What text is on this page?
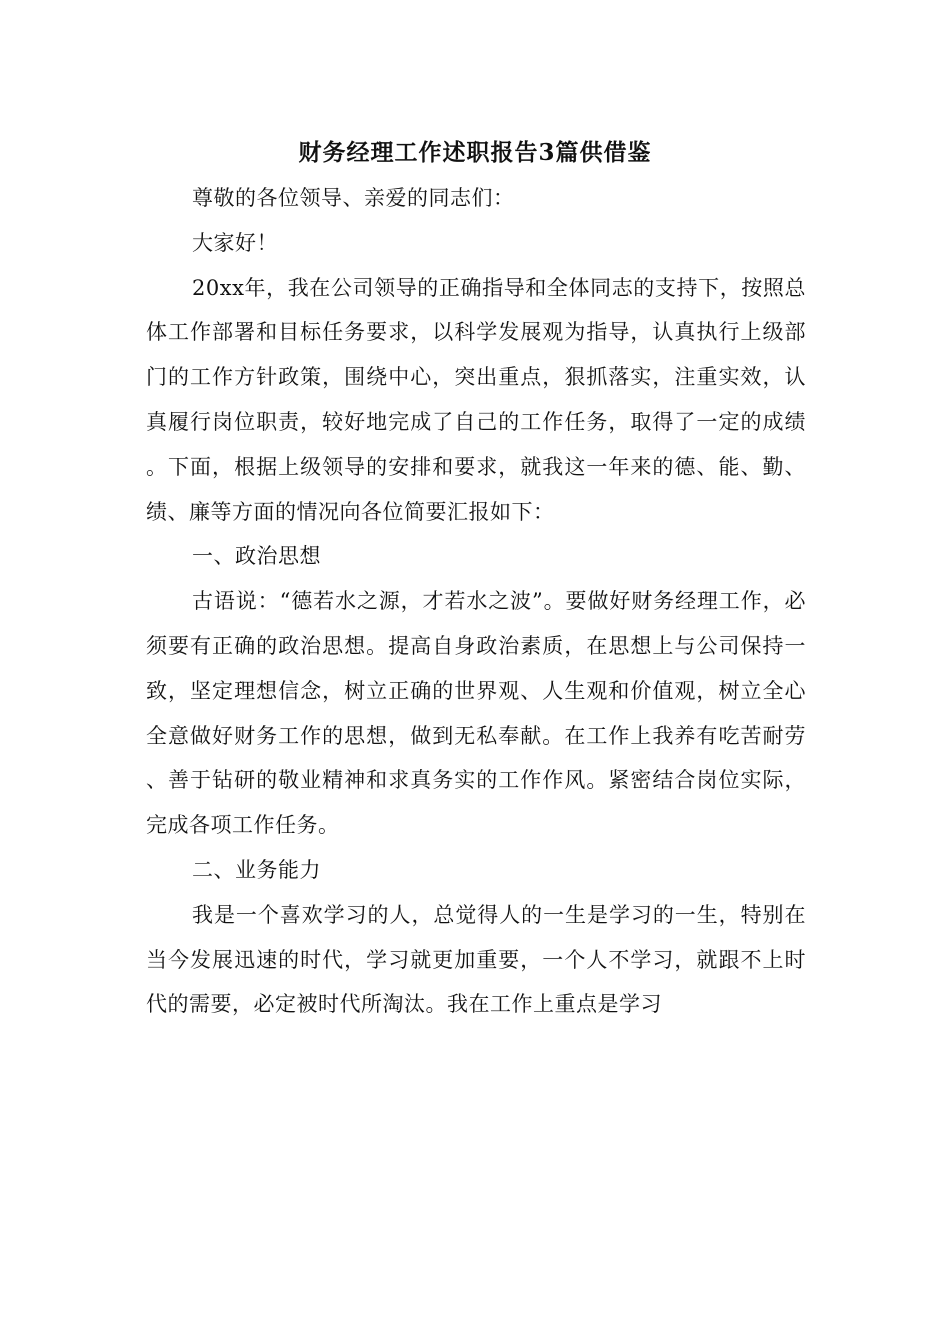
财务经理工作述职报告3篇供借鉴

尊敬的各位领导、亲爱的同志们：

大家好！

20xx年，我在公司领导的正确指导和全体同志的支持下，按照总体工作部署和目标任务要求，以科学发展观为指导，认真执行上级部门的工作方针政策，围绕中心，突出重点，狠抓落实，注重实效，认真履行岗位职责，较好地完成了自己的工作任务，取得了一定的成绩。下面，根据上级领导的安排和要求，就我这一年来的德、能、勤、绩、廉等方面的情况向各位简要汇报如下：

一、政治思想

古语说：“德若水之源，才若水之波”。要做好财务经理工作，必须要有正确的政治思想。提高自身政治素质，在思想上与公司保持一致，坚定理想信念，树立正确的世界观、人生观和价值观，树立全心全意做好财务工作的思想，做到无私奉献。在工作上我养有吃苦耐劳、善于钻研的敬业精神和求真务实的工作作风。紧密结合岗位实际，完成各项工作任务。

二、业务能力

我是一个喜欢学习的人，总觉得人的一生是学习的一生，特别在当今发展迅速的时代，学习就更加重要，一个人不学习，就跟不上时代的需要，必定被时代所淘汰。我在工作上重点是学习
